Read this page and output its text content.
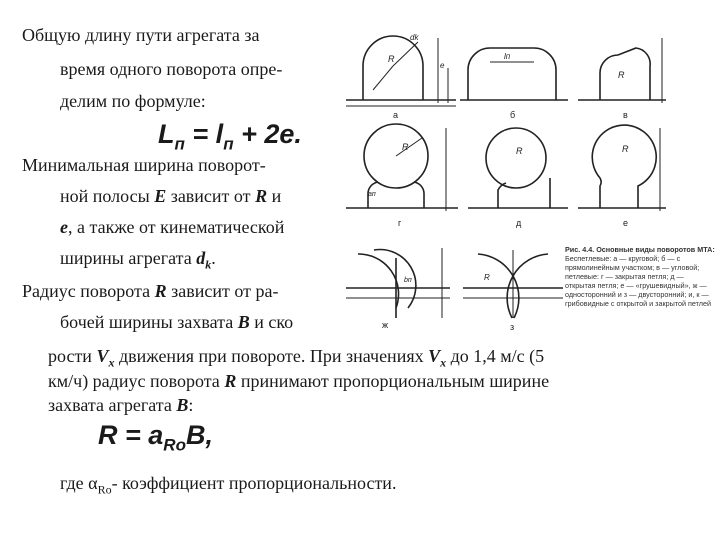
Общую длину пути агрегата за
время одного поворота опре-
делим по формуле:
$L_п = l_п + 2e$.
Минимальная ширина поворот-
ной полосы E зависит от R и
e, а также от кинематической
ширины агрегата $d_k$.
Радиус поворота R зависит от ра-
бочей ширины захвата B и ско
рости $V_x$ движения при повороте. При значениях $V_x$ до 1,4 м/с (5
км/ч) радиус поворота R принимают пропорциональным ширине
захвата агрегата B:
$R = a_{Ro}B$,
где $\alpha_{Ro}-$ коэффициент пропорциональности.
а
R
dk
e
lп
б
R
в
R
aп
г
R
д
R
е
bп
ж
R
з
Рис. 4.4. Основные виды поворотов МТА:
Беспетлевые: а — круговой; б — с прямолинейным участком; в — угловой; петлевые: г — закрытая петля; д — открытая петля; е — «грушевидный», ж — односторонний и з — двусторонний; и, к — грибовидные с открытой и закрытой петлей
